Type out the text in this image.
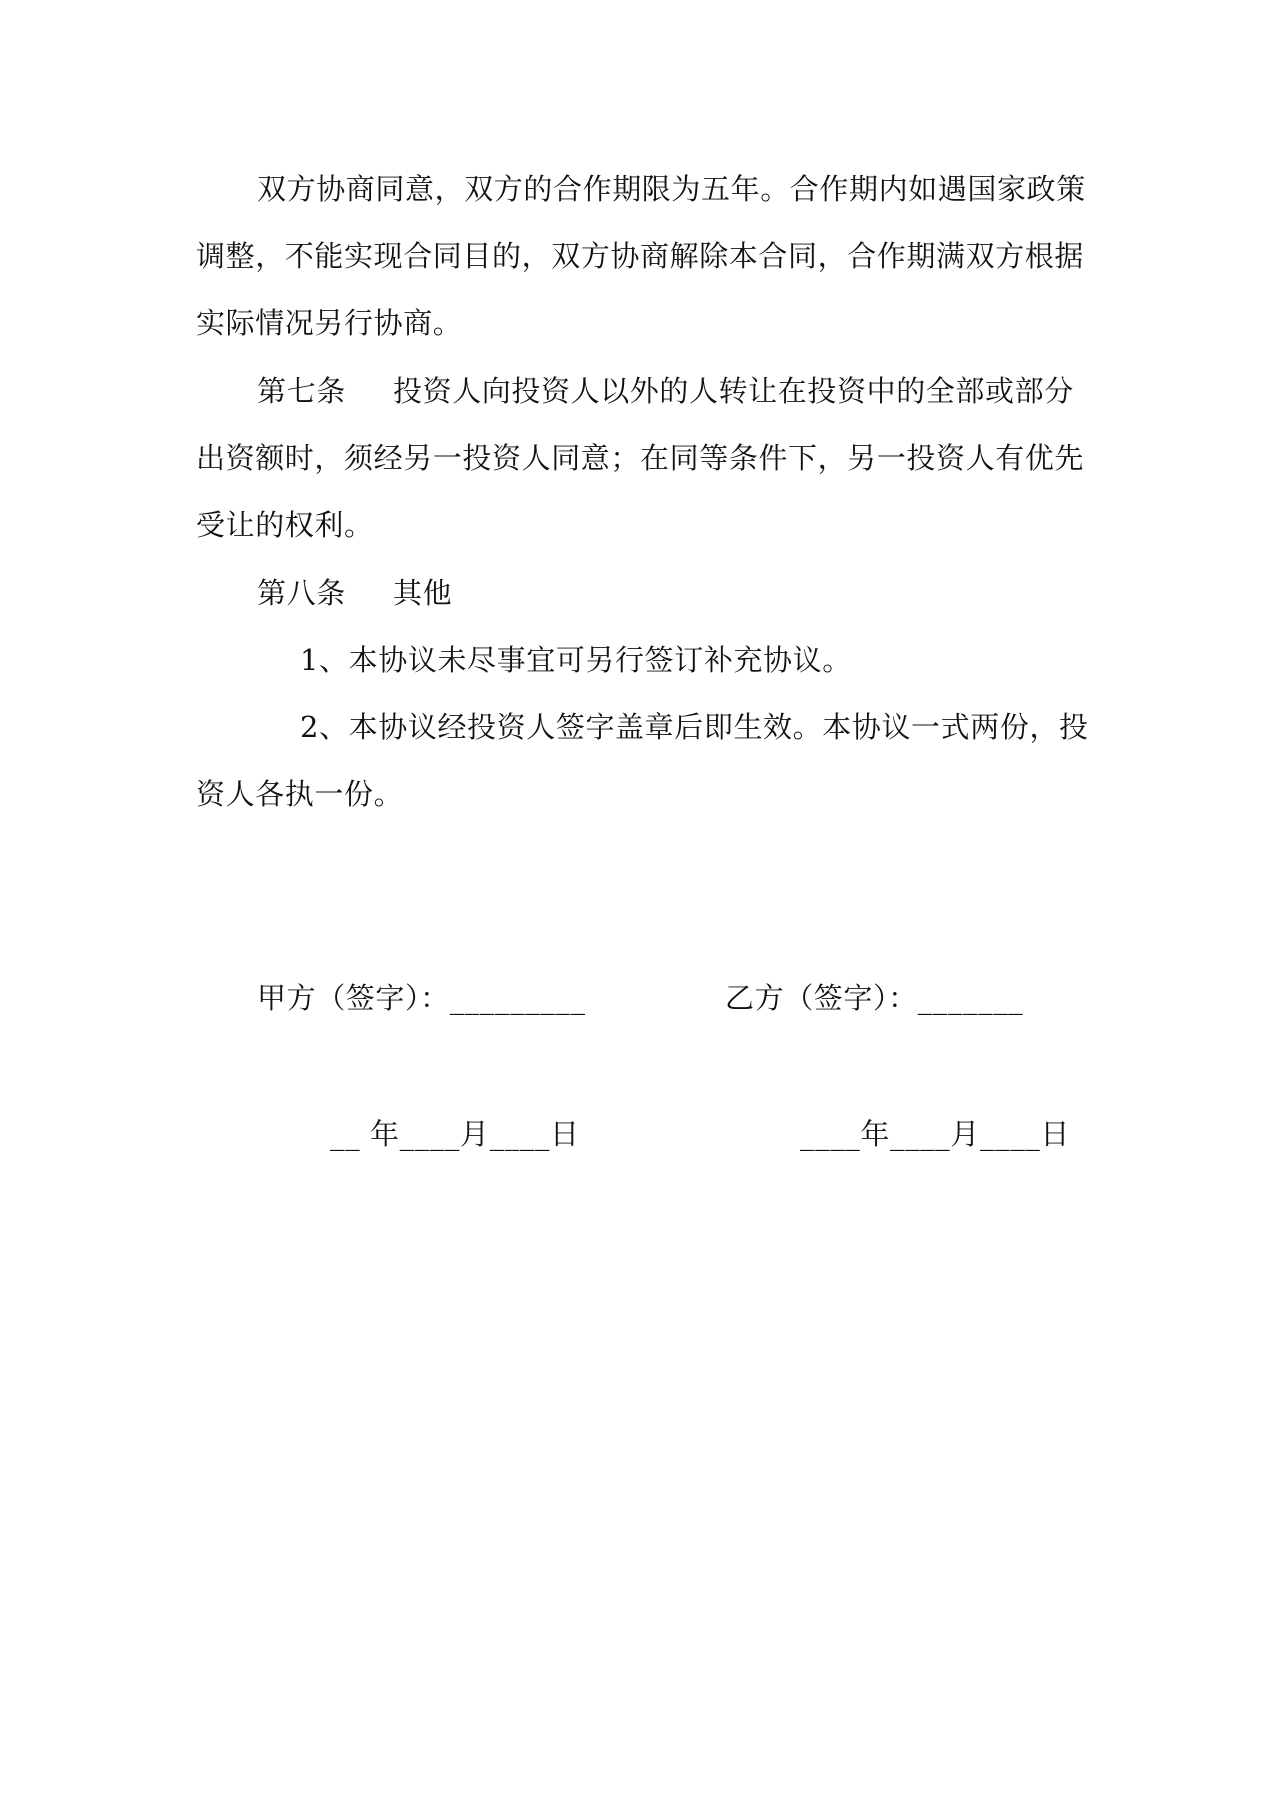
双方协商同意，双方的合作期限为五年。合作期内如遇国家政策
调整，不能实现合同目的，双方协商解除本合同，合作期满双方根据
实际情况另行协商。
第七条 投资人向投资人以外的人转让在投资中的全部或部分
出资额时，须经另一投资人同意；在同等条件下，另一投资人有优先
受让的权利。
第八条 其他
1、本协议未尽事宜可另行签订补充协议。
2、本协议经投资人签字盖章后即生效。本协议一式两份，投
资人各执一份。
甲方（签字）：_________	乙方（签字）：_______
__ 年____月____日	____年____月____日
